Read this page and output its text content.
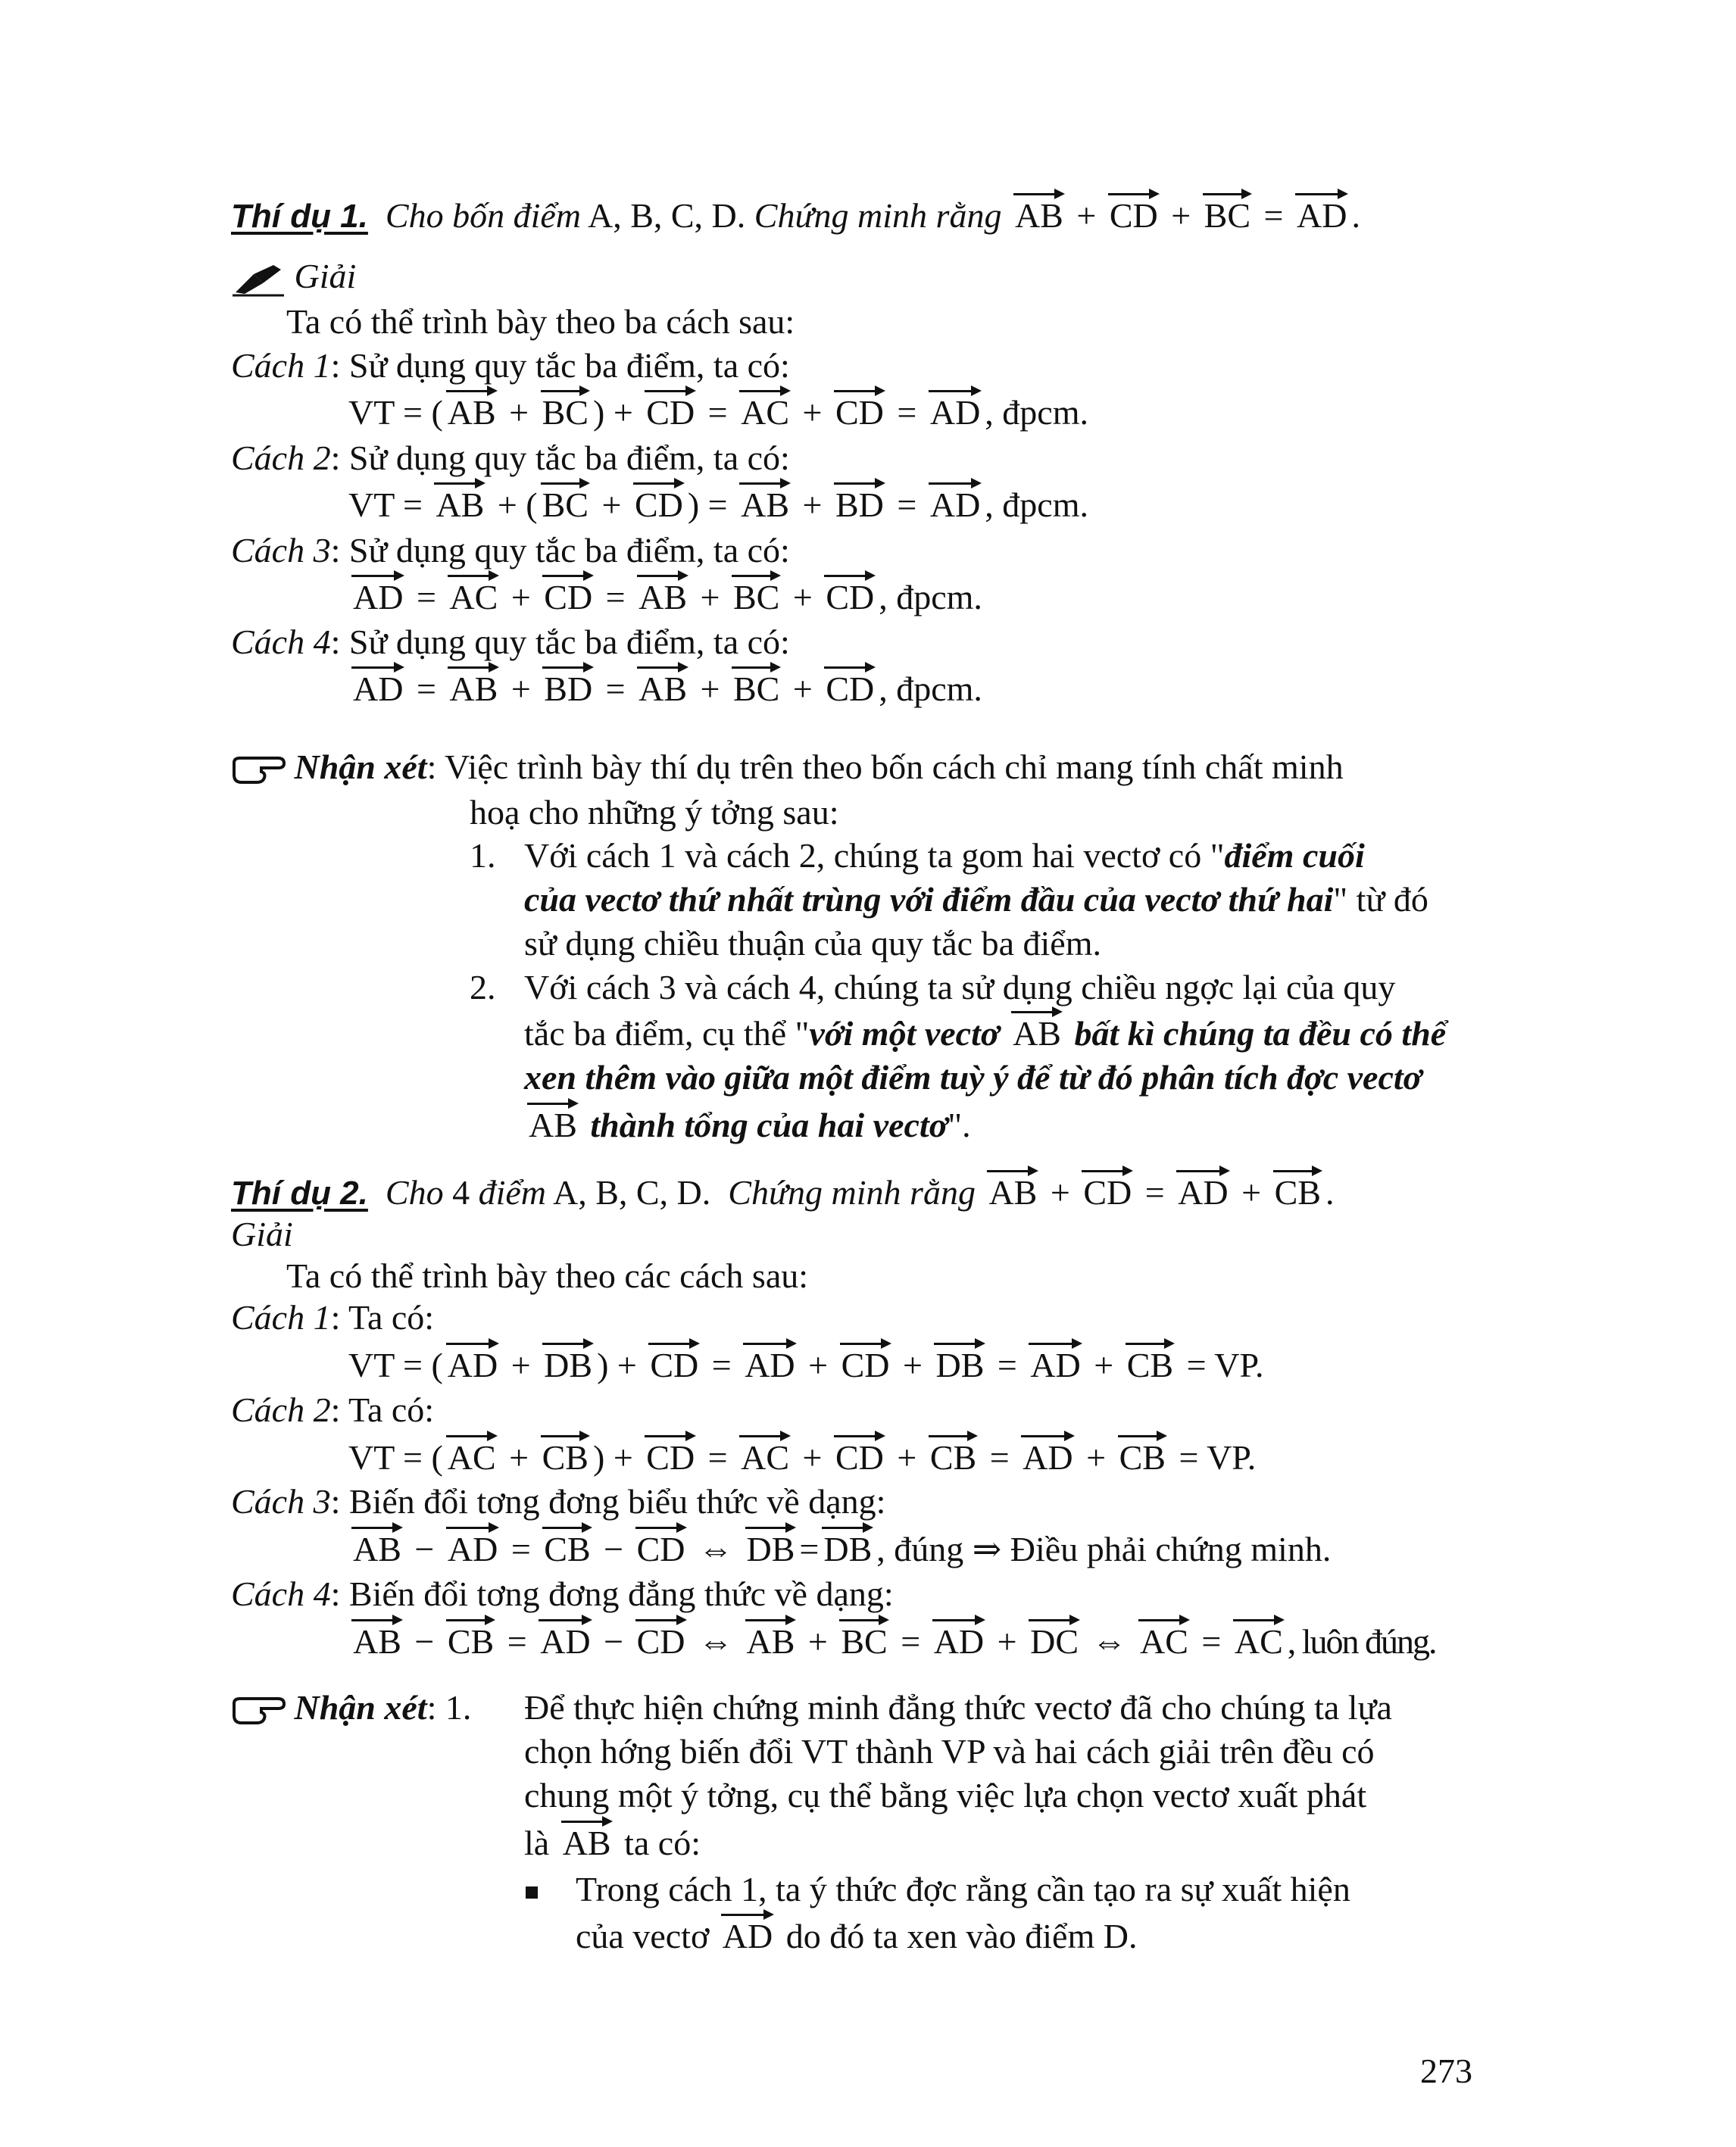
Thí dụ 1. Cho bốn điểm A, B, C, D. Chứng minh rằng AB + CD + BC = AD .
Giải
Ta có thể trình bày theo ba cách sau:
Cách 1: Sử dụng quy tắc ba điểm, ta có:
VT = ( AB + BC ) + CD = AC + CD = AD , đpcm.
Cách 2: Sử dụng quy tắc ba điểm, ta có:
VT = AB + ( BC + CD ) = AB + BD = AD , đpcm.
Cách 3: Sử dụng quy tắc ba điểm, ta có:
AD = AC + CD = AB + BC + CD , đpcm.
Cách 4: Sử dụng quy tắc ba điểm, ta có:
AD = AB + BD = AB + BC + CD , đpcm.
Nhận xét: Việc trình bày thí dụ trên theo bốn cách chỉ mang tính chất minh
hoạ cho những ý tởng sau:
1. Với cách 1 và cách 2, chúng ta gom hai vectơ có "điểm cuối
của vectơ thứ nhất trùng với điểm đầu của vectơ thứ hai" từ đó
sử dụng chiều thuận của quy tắc ba điểm.
2. Với cách 3 và cách 4, chúng ta sử dụng chiều ngợc lại của quy
tắc ba điểm, cụ thể "với một vectơ AB bất kì chúng ta đều có thể
xen thêm vào giữa một điểm tuỳ ý để từ đó phân tích đợc vectơ
AB thành tổng của hai vectơ".
Thí dụ 2. Cho 4 điểm A, B, C, D. Chứng minh rằng AB + CD = AD + CB .
Giải
Ta có thể trình bày theo các cách sau:
Cách 1: Ta có:
VT = ( AD + DB ) + CD = AD + CD + DB = AD + CB = VP.
Cách 2: Ta có:
VT = ( AC + CB ) + CD = AC + CD + CB = AD + CB = VP.
Cách 3: Biến đổi tơng đơng biểu thức về dạng:
AB − AD = CB − CD ⇔ DB = DB , đúng ⇒ Điều phải chứng minh.
Cách 4: Biến đổi tơng đơng đẳng thức về dạng:
AB − CB = AD − CD ⇔ AB + BC = AD + DC ⇔ AC = AC , luôn đúng.
Nhận xét: 1. Để thực hiện chứng minh đẳng thức vectơ đã cho chúng ta lựa
chọn hớng biến đổi VT thành VP và hai cách giải trên đều có
chung một ý tởng, cụ thể bằng việc lựa chọn vectơ xuất phát
là AB ta có:
Trong cách 1, ta ý thức đợc rằng cần tạo ra sự xuất hiện
của vectơ AD do đó ta xen vào điểm D.
273
